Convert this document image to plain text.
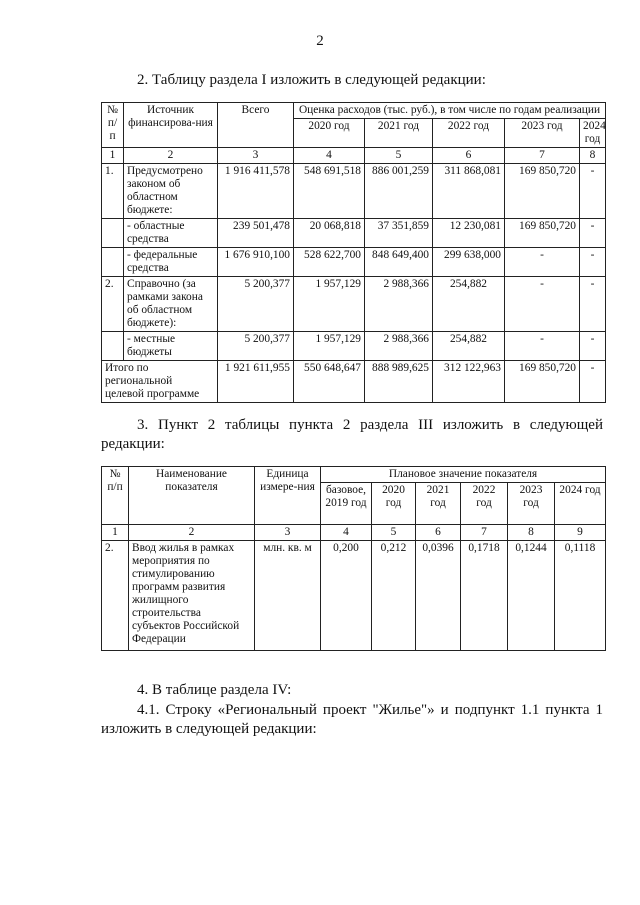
2
2. Таблицу раздела I изложить в следующей редакции:
№ п/п	Источник финансирова-ния	Всего	Оценка расходов (тыс. руб.), в том числе по годам реализации				
			2020 год	2021 год	2022 год	2023 год	2024 год
1	2	3	4	5	6	7	8
1.	Предусмотрено законом об областном бюджете:	1 916 411,578	548 691,518	886 001,259	311 868,081	169 850,720	-
	- областные средства	239 501,478	20 068,818	37 351,859	12 230,081	169 850,720	-
	- федеральные средства	1 676 910,100	528 622,700	848 649,400	299 638,000	-	-
2.	Справочно (за рамками закона об областном бюджете):	5 200,377	1 957,129	2 988,366	254,882	-	-
	- местные бюджеты	5 200,377	1 957,129	2 988,366	254,882	-	-
Итого по региональной целевой программе		1 921 611,955	550 648,647	888 989,625	312 122,963	169 850,720	-
3. Пункт 2 таблицы пункта 2 раздела III изложить в следующей
редакции:
№ п/п	Наименование показателя	Единица измере-ния	Плановое значение показателя					
			базовое, 2019 год	2020 год	2021 год	2022 год	2023 год	2024 год
1	2	3	4	5	6	7	8	9
2.	Ввод жилья в рамках мероприятия по стимулированию программ развития жилищного строительства субъектов Российской Федерации	млн. кв. м	0,200	0,212	0,0396	0,1718	0,1244	0,1118
4. В таблице раздела IV:
4.1. Строку «Региональный проект "Жилье"» и подпункт 1.1 пункта 1
изложить в следующей редакции:
